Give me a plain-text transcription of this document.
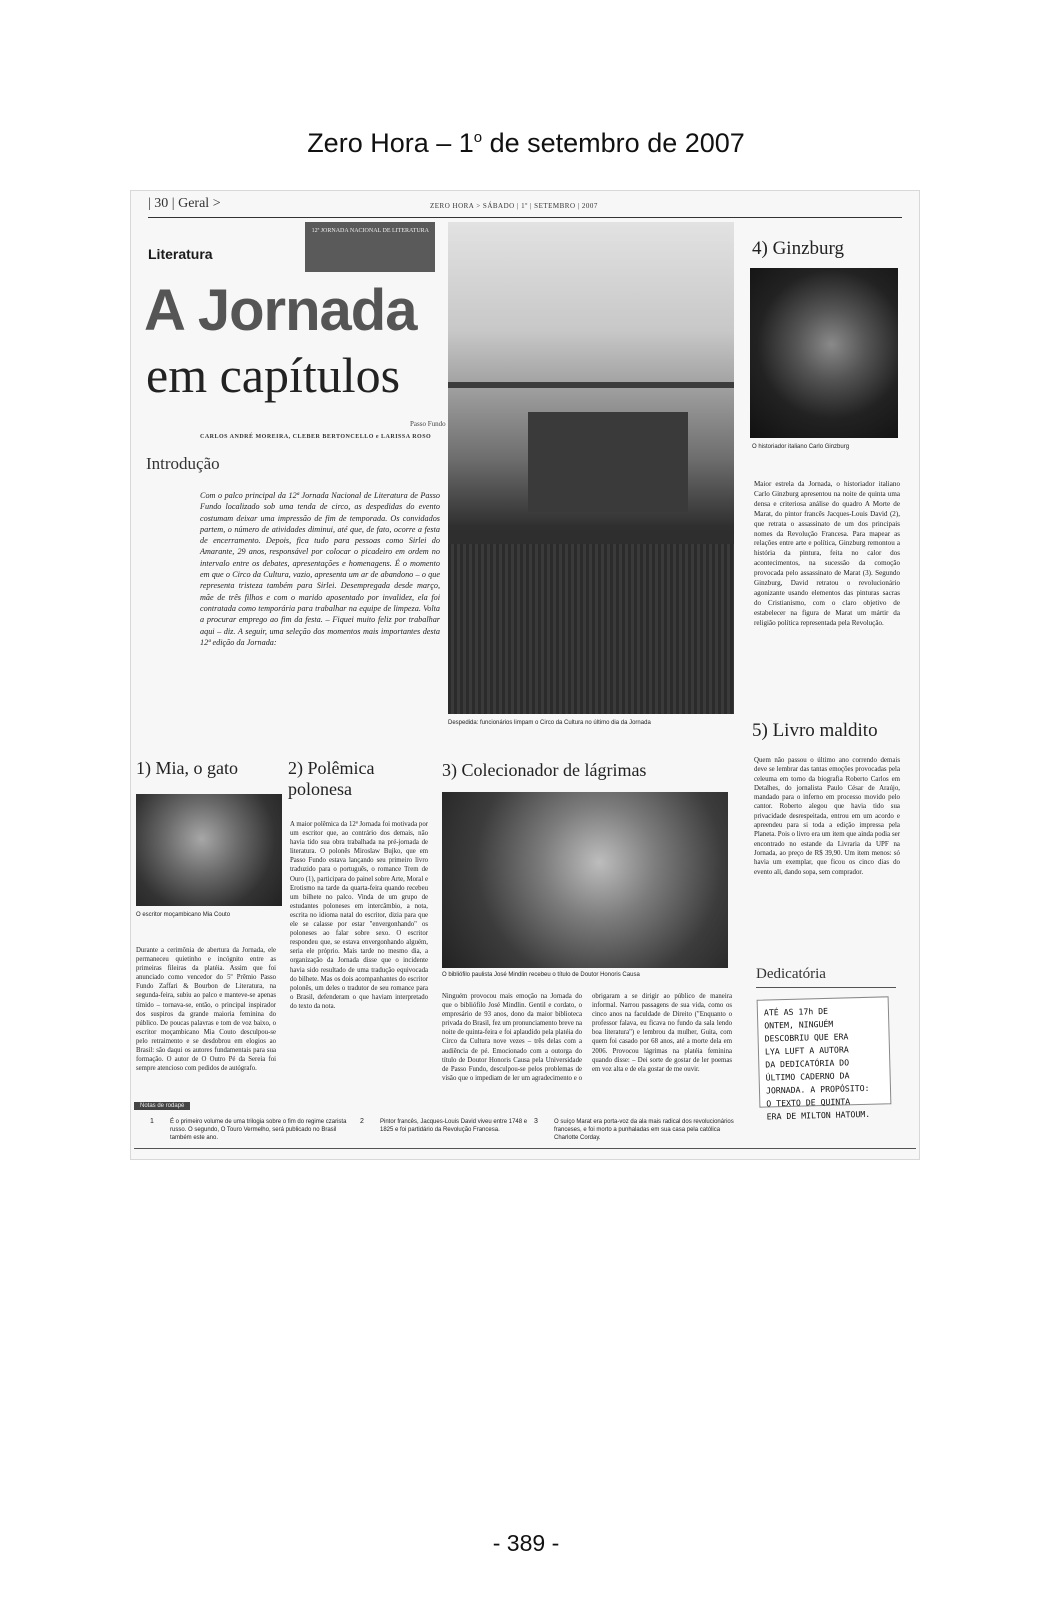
Zero Hora – 1$^o$ de setembro de 2007
| 30 | Geral >	ZERO HORA > SÁBADO | 1º | SETEMBRO | 2007
Literatura
12ª JORNADA NACIONAL DE LITERATURA
A Jornada
em capítulos
Passo Fundo
CARLOS ANDRÉ MOREIRA, CLEBER BERTONCELLO e LARISSA ROSO
Introdução
Com o palco principal da 12ª Jornada Nacional de Literatura de Passo Fundo localizado sob uma tenda de circo, as despedidas do evento costumam deixar uma impressão de fim de temporada. Os convidados partem, o número de atividades diminui, até que, de fato, ocorre a festa de encerramento. Depois, fica tudo para pessoas como Sirlei do Amarante, 29 anos, responsável por colocar o picadeiro em ordem no intervalo entre os debates, apresentações e homenagens. É o momento em que o Circo da Cultura, vazio, apresenta um ar de abandono – o que representa tristeza também para Sirlei. Desempregada desde março, mãe de três filhos e com o marido aposentado por invalidez, ela foi contratada como temporária para trabalhar na equipe de limpeza. Volta a procurar emprego ao fim da festa. – Fiquei muito feliz por trabalhar aqui – diz. A seguir, uma seleção dos momentos mais importantes desta 12ª edição da Jornada:
Despedida: funcionários limpam o Circo da Cultura no último dia da Jornada
4) Ginzburg
O historiador italiano Carlo Ginzburg
Maior estrela da Jornada, o historiador italiano Carlo Ginzburg apresentou na noite de quinta uma densa e criteriosa análise do quadro A Morte de Marat, do pintor francês Jacques-Louis David (2), que retrata o assassinato de um dos principais nomes da Revolução Francesa. Para mapear as relações entre arte e política, Ginzburg remontou a história da pintura, feita no calor dos acontecimentos, na sucessão da comoção provocada pelo assassinato de Marat (3). Segundo Ginzburg, David retratou o revolucionário agonizante usando elementos das pinturas sacras do Cristianismo, com o claro objetivo de estabelecer na figura de Marat um mártir da religião política representada pela Revolução.
5) Livro maldito
Quem não passou o último ano correndo demais deve se lembrar das tantas emoções provocadas pela celeuma em torno da biografia Roberto Carlos em Detalhes, do jornalista Paulo César de Araújo, mandado para o inferno em processo movido pelo cantor. Roberto alegou que havia tido sua privacidade desrespeitada, entrou em um acordo e apreendeu para si toda a edição impressa pela Planeta. Pois o livro era um item que ainda podia ser encontrado no estande da Livraria da UPF na Jornada, ao preço de R$ 39,90. Um item menos: só havia um exemplar, que ficou os cinco dias do evento ali, dando sopa, sem comprador.
Dedicatória
ATÉ AS 17h DE
ONTEM, NINGUÉM
DESCOBRIU QUE ERA
LYA LUFT A AUTORA
DA DEDICATÓRIA DO
ÚLTIMO CADERNO DA
JORNADA. A PROPÓSITO:
O TEXTO DE QUINTA
ERA DE MILTON HATOUM.
1) Mia, o gato
O escritor moçambicano Mia Couto
Durante a cerimônia de abertura da Jornada, ele permaneceu quietinho e incógnito entre as primeiras fileiras da platéia. Assim que foi anunciado como vencedor do 5º Prêmio Passo Fundo Zaffari & Bourbon de Literatura, na segunda-feira, subiu ao palco e manteve-se apenas tímido – tornava-se, então, o principal inspirador dos suspiros da grande maioria feminina do público. De poucas palavras e tom de voz baixo, o escritor moçambicano Mia Couto desculpou-se pelo retraimento e se desdobrou em elogios ao Brasil: são daqui os autores fundamentais para sua formação. O autor de O Outro Pé da Sereia foi sempre atencioso com pedidos de autógrafo.
2) Polêmica
polonesa
A maior polêmica da 12ª Jornada foi motivada por um escritor que, ao contrário dos demais, não havia tido sua obra trabalhada na pré-jornada de literatura. O polonês Miroslaw Bujko, que em Passo Fundo estava lançando seu primeiro livro traduzido para o português, o romance Trem de Ouro (1), participara do painel sobre Arte, Moral e Erotismo na tarde da quarta-feira quando recebeu um bilhete no palco. Vinda de um grupo de estudantes poloneses em intercâmbio, a nota, escrita no idioma natal do escritor, dizia para que ele se calasse por estar "envergonhando" os poloneses ao falar sobre sexo. O escritor respondeu que, se estava envergonhando alguém, seria ele próprio. Mais tarde no mesmo dia, a organização da Jornada disse que o incidente havia sido resultado de uma tradução equivocada do bilhete. Mas os dois acompanhantes do escritor polonês, um deles o tradutor de seu romance para o Brasil, defenderam o que haviam interpretado do texto da nota.
3) Colecionador de lágrimas
O bibliófilo paulista José Mindlin recebeu o título de Doutor Honoris Causa
Ninguém provocou mais emoção na Jornada do que o bibliófilo José Mindlin. Gentil e cordato, o empresário de 93 anos, dono da maior biblioteca privada do Brasil, fez um pronunciamento breve na noite de quinta-feira e foi aplaudido pela platéia do Circo da Cultura nove vezes – três delas com a audiência de pé. Emocionado com a outorga do título de Doutor Honoris Causa pela Universidade de Passo Fundo, desculpou-se pelos problemas de visão que o impediam de ler um agradecimento e o obrigaram a se dirigir ao público de maneira informal. Narrou passagens de sua vida, como os cinco anos na faculdade de Direito ("Enquanto o professor falava, eu ficava no fundo da sala lendo boa literatura") e lembrou da mulher, Guita, com quem foi casado por 68 anos, até a morte dela em 2006. Provocou lágrimas na platéia feminina quando disse: – Dei sorte de gostar de ler poemas em voz alta e de ela gostar de me ouvir.
Notas de rodapé
1	É o primeiro volume de uma trilogia sobre o fim do regime czarista russo. O segundo, O Touro Vermelho, será publicado no Brasil também este ano.
2	Pintor francês, Jacques-Louis David viveu entre 1748 e 1825 e foi partidário da Revolução Francesa.
3	O suíço Marat era porta-voz da ala mais radical dos revolucionários franceses, e foi morto a punhaladas em sua casa pela católica Charlotte Corday.
- 389 -
